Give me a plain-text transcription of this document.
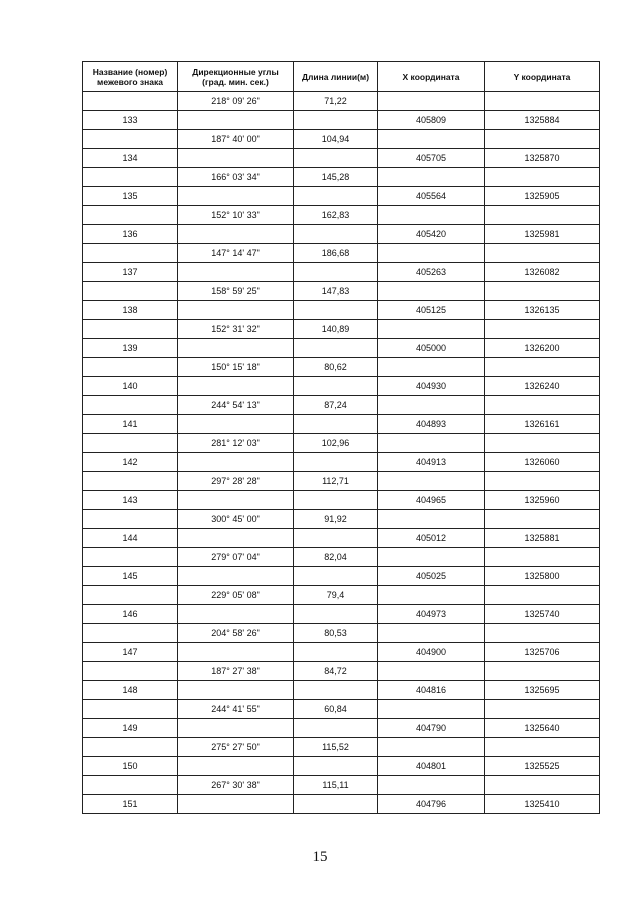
Название (номер)
межевого знака	Дирекционные углы
(град. мин. сек.)	Длина линии(м)	X координата	Y координата
	218° 09' 26"	71,22		
133			405809	1325884
	187° 40' 00"	104,94		
134			405705	1325870
	166° 03' 34"	145,28		
135			405564	1325905
	152° 10' 33"	162,83		
136			405420	1325981
	147° 14' 47"	186,68		
137			405263	1326082
	158° 59' 25"	147,83		
138			405125	1326135
	152° 31' 32"	140,89		
139			405000	1326200
	150° 15' 18"	80,62		
140			404930	1326240
	244° 54' 13"	87,24		
141			404893	1326161
	281° 12' 03"	102,96		
142			404913	1326060
	297° 28' 28"	112,71		
143			404965	1325960
	300° 45' 00"	91,92		
144			405012	1325881
	279° 07' 04"	82,04		
145			405025	1325800
	229° 05' 08"	79,4		
146			404973	1325740
	204° 58' 26"	80,53		
147			404900	1325706
	187° 27' 38"	84,72		
148			404816	1325695
	244° 41' 55"	60,84		
149			404790	1325640
	275° 27' 50"	115,52		
150			404801	1325525
	267° 30' 38"	115,11		
151			404796	1325410
15
